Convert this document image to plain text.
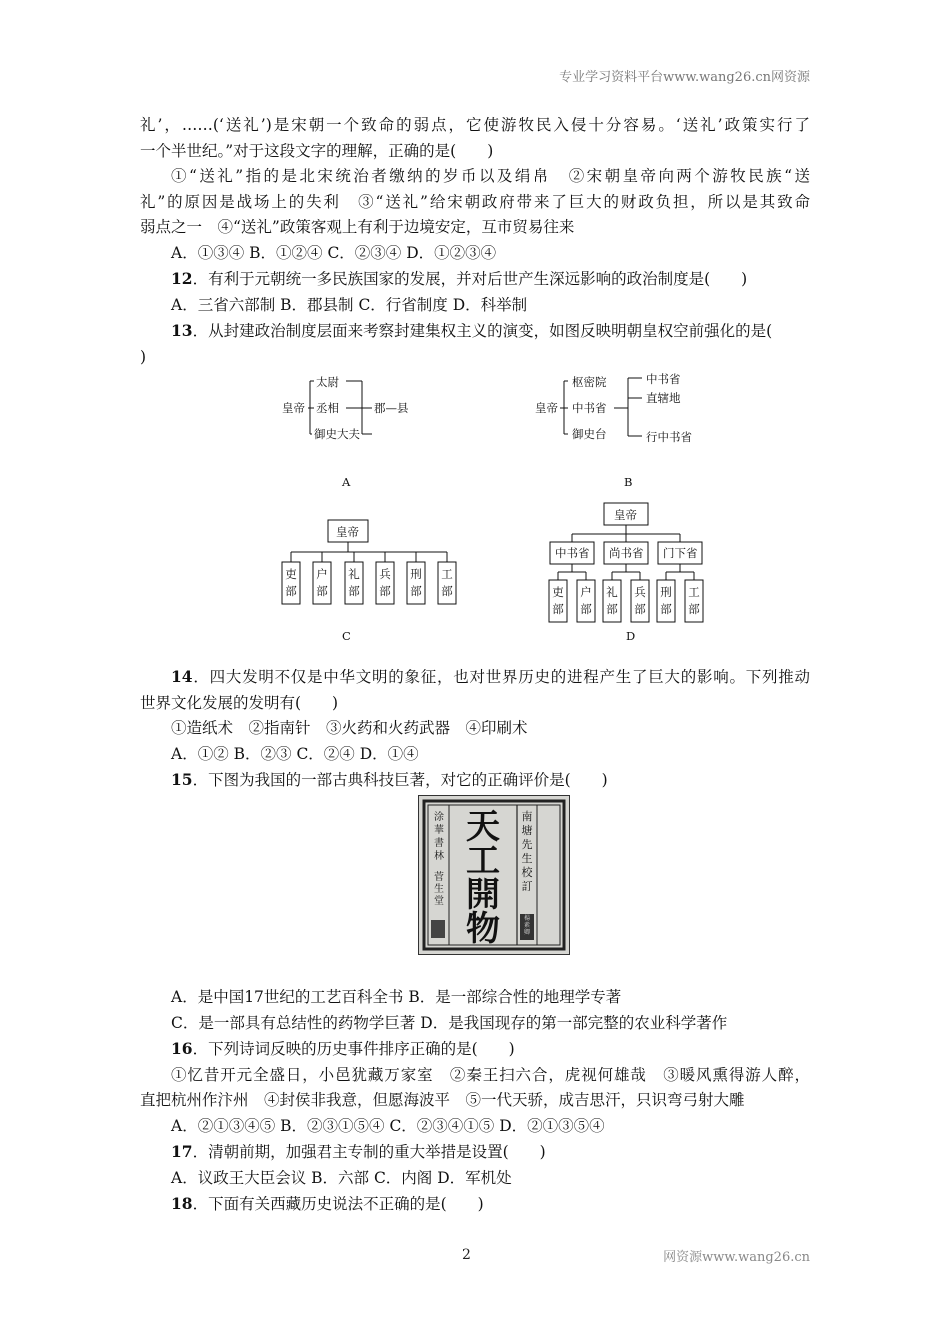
专业学习资料平台www.wang26.cn网资源
礼’，……(‘送礼’)是宋朝一个致命的弱点，它使游牧民入侵十分容易。‘送礼’政策实行了
一个半世纪。”对于这段文字的理解，正确的是(　　)
①“送礼”指的是北宋统治者缴纳的岁币以及绢帛　②宋朝皇帝向两个游牧民族“送
礼”的原因是战场上的失利　③“送礼”给宋朝政府带来了巨大的财政负担，所以是其致命
弱点之一　④“送礼”政策客观上有利于边境安定，互市贸易往来
A．①③④ B．①②④ C．②③④ D．①②③④
12．有利于元朝统一多民族国家的发展，并对后世产生深远影响的政治制度是(　　)
A．三省六部制 B．郡县制 C．行省制度 D．科举制
13．从封建政治制度层面来考察封建集权主义的演变，如图反映明朝皇权空前强化的是(
)
皇帝
太尉
丞相
御史大夫
郡—县
A
皇帝
枢密院
中书省
御史台
中书省
直辖地
行中书省
B
皇帝
C
吏部
户部
礼部
兵部
刑部
工部
皇帝
中书省 尚书省 门下省
D
吏部
户部
礼部
兵部
刑部
工部
14．四大发明不仅是中华文明的象征，也对世界历史的进程产生了巨大的影响。下列推动
世界文化发展的发明有(　　)
①造纸术　②指南针　③火药和火药武器　④印刷术
A．①② B．②③ C．②④ D．①④
15．下图为我国的一部古典科技巨著，对它的正确评价是(　　)
天工開物
南塘先生校訂
涂華書林
菅生堂
楊素卿
A．是中国17世纪的工艺百科全书 B．是一部综合性的地理学专著
C．是一部具有总结性的药物学巨著 D．是我国现存的第一部完整的农业科学著作
16．下列诗词反映的历史事件排序正确的是(　　)
①忆昔开元全盛日，小邑犹藏万家室　②秦王扫六合，虎视何雄哉　③暖风熏得游人醉，
直把杭州作汴州　④封侯非我意，但愿海波平　⑤一代天骄，成吉思汗，只识弯弓射大雕
A．②①③④⑤ B．②③①⑤④ C．②③④①⑤ D．②①③⑤④
17．清朝前期，加强君主专制的重大举措是设置(　　)
A．议政王大臣会议 B．六部 C．内阁 D．军机处
18．下面有关西藏历史说法不正确的是(　　)
2	网资源www.wang26.cn
